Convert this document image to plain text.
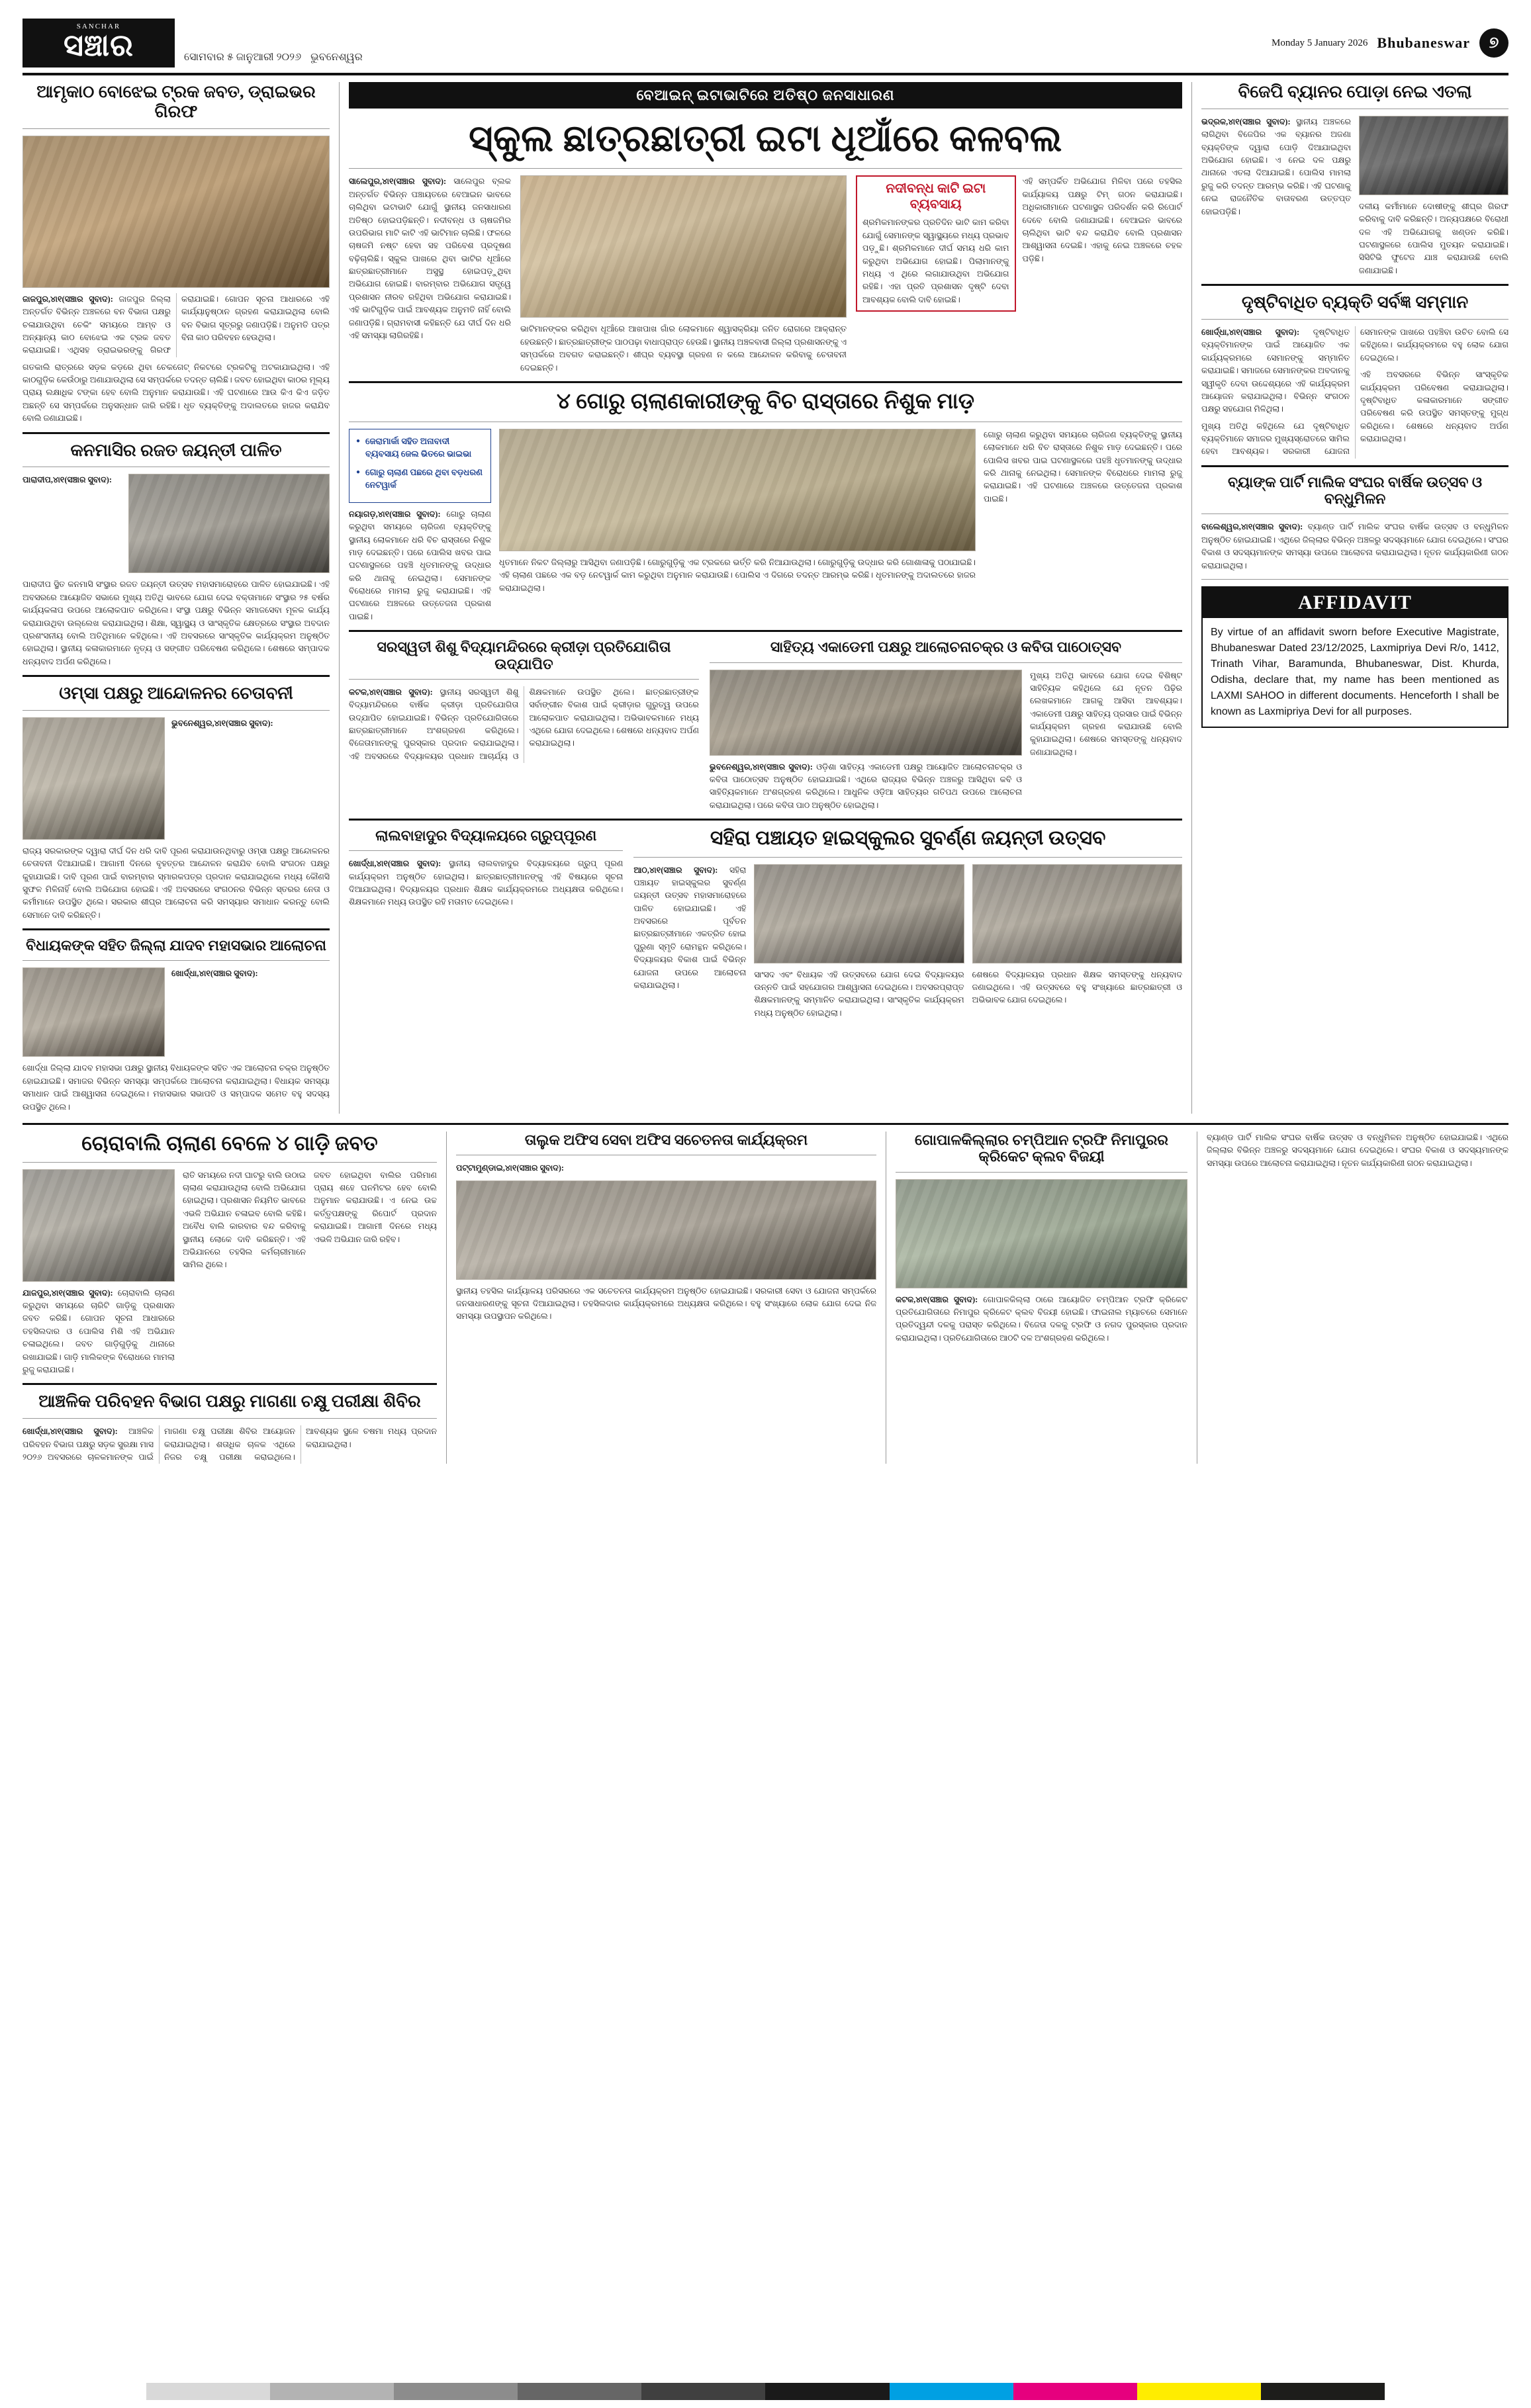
SANCHAR
ସଞ୍ଚାର	ସୋମବାର ୫ ଜାନୁଆରୀ ୨୦୨୬ ଭୁବନେଶ୍ୱର
Monday 5 January 2026 Bhubaneswar	୭
ଆମୃକାଠ ବୋଝେଇ ଟ୍ରକ ଜବତ, ଡ୍ରାଇଭର ଗିରଫ

ଜାଜପୁର,୪ା୧(ସଞ୍ଚାର ସୁବାଦ): ଜାଜପୁର ଜିଲ୍ଲା ଅନ୍ତର୍ଗତ ବିଭିନ୍ନ ଅଞ୍ଚଳରେ ବନ ବିଭାଗ ପକ୍ଷରୁ ଚଳାଯାଉଥିବା ଚେକିଂ ସମୟରେ ଆମ୍ବ ଓ ଅନ୍ୟାନ୍ୟ କାଠ ବୋଝେଇ ଏକ ଟ୍ରକ ଜବତ କରାଯାଇଛି। ଏଥିସହ ଡ୍ରାଇଭରଙ୍କୁ ଗିରଫ କରାଯାଇଛି। ଗୋପନ ସୂଚନା ଆଧାରରେ ଏହି କାର୍ଯ୍ୟାନୁଷ୍ଠାନ ଗ୍ରହଣ କରାଯାଇଥିଲା ବୋଲି ବନ ବିଭାଗ ସୂତ୍ରରୁ ଜଣାପଡ଼ିଛି। ଅନୁମତି ପତ୍ର ବିନା କାଠ ପରିବହନ ହେଉଥିଲା।

ଗତକାଲି ରାତ୍ରରେ ସଡ଼କ କଡ଼ରେ ଥିବା ଚେକଗେଟ୍ ନିକଟରେ ଟ୍ରକଟିକୁ ଅଟକାଯାଇଥିଲା। ଏହି କାଠଗୁଡ଼ିକ କେଉଁଠାରୁ ଅଣାଯାଉଥିଲା ସେ ସମ୍ପର୍କରେ ତଦନ୍ତ ଚାଲିଛି। ଜବତ ହୋଇଥିବା କାଠର ମୂଲ୍ୟ ପ୍ରାୟ ଲକ୍ଷାଧିକ ଟଙ୍କା ହେବ ବୋଲି ଅନୁମାନ କରାଯାଉଛି। ଏହି ଘଟଣାରେ ଆଉ କିଏ କିଏ ଜଡ଼ିତ ଅଛନ୍ତି ସେ ସମ୍ପର୍କରେ ଅନୁସନ୍ଧାନ ଜାରି ରହିଛି। ଧୃତ ବ୍ୟକ୍ତିଙ୍କୁ ଅଦାଲତରେ ହାଜର କରାଯିବ ବୋଲି ଜଣାଯାଇଛି।

କନମାସିର ରଜତ ଜୟନ୍ତୀ ପାଳିତ

ପାରାଦୀପ,୪ା୧(ସଞ୍ଚାର ସୁବାଦ):

ପାରାଦୀପ ସ୍ଥିତ କନମାସି ସଂସ୍ଥାର ରଜତ ଜୟନ୍ତୀ ଉତ୍ସବ ମହାସମାରୋହରେ ପାଳିତ ହୋଇଯାଇଛି। ଏହି ଅବସରରେ ଆୟୋଜିତ ସଭାରେ ମୁଖ୍ୟ ଅତିଥି ଭାବରେ ଯୋଗ ଦେଇ ବକ୍ତାମାନେ ସଂସ୍ଥାର ୨୫ ବର୍ଷର କାର୍ଯ୍ୟକଳାପ ଉପରେ ଆଲୋକପାତ କରିଥିଲେ। ସଂସ୍ଥା ପକ୍ଷରୁ ବିଭିନ୍ନ ସମାଜସେବା ମୂଳକ କାର୍ଯ୍ୟ କରାଯାଉଥିବା ଉଲ୍ଲେଖ କରାଯାଇଥିଲା। ଶିକ୍ଷା, ସ୍ୱାସ୍ଥ୍ୟ ଓ ସାଂସ୍କୃତିକ କ୍ଷେତ୍ରରେ ସଂସ୍ଥାର ଅବଦାନ ପ୍ରଶଂସନୀୟ ବୋଲି ଅତିଥିମାନେ କହିଥିଲେ। ଏହି ଅବସରରେ ସାଂସ୍କୃତିକ କାର୍ଯ୍ୟକ୍ରମ ଅନୁଷ୍ଠିତ ହୋଇଥିଲା। ସ୍ଥାନୀୟ କଳାକାରମାନେ ନୃତ୍ୟ ଓ ସଙ୍ଗୀତ ପରିବେଷଣ କରିଥିଲେ। ଶେଷରେ ସମ୍ପାଦକ ଧନ୍ୟବାଦ ଅର୍ପଣ କରିଥିଲେ।

ଓମ୍ସା ପକ୍ଷରୁ ଆନ୍ଦୋଳନର ଚେତାବନୀ

ଭୁବନେଶ୍ୱର,୪ା୧(ସଞ୍ଚାର ସୁବାଦ):

ରାଜ୍ୟ ସରକାରଙ୍କ ଦ୍ୱାରା ଦୀର୍ଘ ଦିନ ଧରି ଦାବି ପୂରଣ କରାଯାଉନଥିବାରୁ ଓମ୍ସା ପକ୍ଷରୁ ଆନ୍ଦୋଳନର ଚେତାବନୀ ଦିଆଯାଇଛି। ଆଗାମୀ ଦିନରେ ବୃହତ୍ତର ଆନ୍ଦୋଳନ କରାଯିବ ବୋଲି ସଂଗଠନ ପକ୍ଷରୁ କୁହାଯାଇଛି। ଦାବି ପୂରଣ ପାଇଁ ବାରମ୍ବାର ସ୍ମାରକପତ୍ର ପ୍ରଦାନ କରାଯାଇଥିଲେ ମଧ୍ୟ କୌଣସି ସୁଫଳ ମିଳିନାହିଁ ବୋଲି ଅଭିଯୋଗ ହୋଇଛି। ଏହି ଅବସରରେ ସଂଗଠନର ବିଭିନ୍ନ ସ୍ତରର ନେତା ଓ କର୍ମୀମାନେ ଉପସ୍ଥିତ ଥିଲେ। ସରକାର ଶୀଘ୍ର ଆଲୋଚନା କରି ସମସ୍ୟାର ସମାଧାନ କରନ୍ତୁ ବୋଲି ସେମାନେ ଦାବି କରିଛନ୍ତି।

ବିଧାୟକଙ୍କ ସହିତ ଜିଲ୍ଲା ଯାଦବ ମହାସଭାର ଆଲୋଚନା

ଖୋର୍ଦ୍ଧା,୪ା୧(ସଞ୍ଚାର ସୁବାଦ):

ଖୋର୍ଦ୍ଧା ଜିଲ୍ଲା ଯାଦବ ମହାସଭା ପକ୍ଷରୁ ସ୍ଥାନୀୟ ବିଧାୟକଙ୍କ ସହିତ ଏକ ଆଲୋଚନା ଚକ୍ର ଅନୁଷ୍ଠିତ ହୋଇଯାଇଛି। ସମାଜର ବିଭିନ୍ନ ସମସ୍ୟା ସମ୍ପର୍କରେ ଆଲୋଚନା କରାଯାଇଥିଲା। ବିଧାୟକ ସମସ୍ୟା ସମାଧାନ ପାଇଁ ଆଶ୍ୱାସନା ଦେଇଥିଲେ। ମହାସଭାର ସଭାପତି ଓ ସମ୍ପାଦକ ସମେତ ବହୁ ସଦସ୍ୟ ଉପସ୍ଥିତ ଥିଲେ।

ବେଆଇନ୍ ଇଟାଭାଟିରେ ଅତିଷ୍ଠ ଜନସାଧାରଣ
ସ୍କୁଲ ଛାତ୍ରଛାତ୍ରୀ ଇଟା ଧୂଆଁରେ କଳବଲ

ସାଲେପୁର,୪ା୧(ସଞ୍ଚାର ସୁବାଦ): ସାଲେପୁର ବ୍ଲକ ଅନ୍ତର୍ଗତ ବିଭିନ୍ନ ପଞ୍ଚାୟତରେ ବେଆଇନ ଭାବରେ ଚାଲିଥିବା ଇଟାଭାଟି ଯୋଗୁଁ ସ୍ଥାନୀୟ ଜନସାଧାରଣ ଅତିଷ୍ଠ ହୋଇପଡ଼ିଛନ୍ତି। ନଦୀବନ୍ଧ ଓ ଚାଷଜମିର ଉପରିଭାଗ ମାଟି କାଟି ଏହି ଭାଟିମାନ ଚାଲିଛି। ଫଳରେ ଚାଷଜମି ନଷ୍ଟ ହେବା ସହ ପରିବେଶ ପ୍ରଦୂଷଣ ବଢ଼ିଚାଲିଛି। ସ୍କୁଲ ପାଖରେ ଥିବା ଭାଟିର ଧୂଆଁରେ ଛାତ୍ରଛାତ୍ରୀମାନେ ଅସୁସ୍ଥ ହୋଇପଡ଼ୁଥିବା ଅଭିଯୋଗ ହୋଇଛି। ବାରମ୍ବାର ଅଭିଯୋଗ ସତ୍ତ୍ୱେ ପ୍ରଶାସନ ନୀରବ ରହିଥିବା ଅଭିଯୋଗ କରାଯାଇଛି। ଏହି ଭାଟିଗୁଡ଼ିକ ପାଇଁ ଆବଶ୍ୟକ ଅନୁମତି ନାହିଁ ବୋଲି ଜଣାପଡ଼ିଛି। ଗ୍ରାମବାସୀ କହିଛନ୍ତି ଯେ ଦୀର୍ଘ ଦିନ ଧରି ଏହି ସମସ୍ୟା ଲାଗିରହିଛି।

ଭାଟିମାନଙ୍କର କରିଥିବା ଧୂଆଁରେ ଆଖପାଖ ଗାଁର ଲୋକମାନେ ଶ୍ୱାସକ୍ରିୟା ଜନିତ ରୋଗରେ ଆକ୍ରାନ୍ତ ହେଉଛନ୍ତି। ଛାତ୍ରଛାତ୍ରୀଙ୍କ ପାଠପଢ଼ା ବାଧାପ୍ରାପ୍ତ ହେଉଛି। ସ୍ଥାନୀୟ ଅଞ୍ଚଳବାସୀ ଜିଲ୍ଲା ପ୍ରଶାସନଙ୍କୁ ଏ ସମ୍ପର୍କରେ ଅବଗତ କରାଇଛନ୍ତି। ଶୀଘ୍ର ବ୍ୟବସ୍ଥା ଗ୍ରହଣ ନ କଲେ ଆନ୍ଦୋଳନ କରିବାକୁ ଚେତାବନୀ ଦେଇଛନ୍ତି।

ନଦୀବନ୍ଧ କାଟି ଇଟା ବ୍ୟବସାୟ

ଶ୍ରମିକମାନଙ୍କର ପ୍ରତିଦିନ ଭାଟି କାମ କରିବା ଯୋଗୁଁ ସେମାନଙ୍କ ସ୍ୱାସ୍ଥ୍ୟରେ ମଧ୍ୟ ପ୍ରଭାବ ପଡ଼ୁଛି। ଶ୍ରମିକମାନେ ଦୀର୍ଘ ସମୟ ଧରି କାମ କରୁଥିବା ଅଭିଯୋଗ ହୋଇଛି। ପିଲାମାନଙ୍କୁ ମଧ୍ୟ ଏ ଥିରେ ଲଗାଯାଉଥିବା ଅଭିଯୋଗ ରହିଛି। ଏହା ପ୍ରତି ପ୍ରଶାସନ ଦୃଷ୍ଟି ଦେବା ଆବଶ୍ୟକ ବୋଲି ଦାବି ହୋଇଛି।

ଏହି ସମ୍ପର୍କିତ ଅଭିଯୋଗ ମିଳିବା ପରେ ତହସିଲ କାର୍ଯ୍ୟାଳୟ ପକ୍ଷରୁ ଟିମ୍ ଗଠନ କରାଯାଇଛି। ଅଧିକାରୀମାନେ ଘଟଣାସ୍ଥଳ ପରିଦର୍ଶନ କରି ରିପୋର୍ଟ ଦେବେ ବୋଲି ଜଣାଯାଇଛି। ବେଆଇନ ଭାବରେ ଚାଲିଥିବା ଭାଟି ବନ୍ଦ କରାଯିବ ବୋଲି ପ୍ରଶାସନ ଆଶ୍ୱାସନା ଦେଇଛି। ଏହାକୁ ନେଇ ଅଞ୍ଚଳରେ ଚହଳ ପଡ଼ିଛି।

୪ ଗୋରୁ ଚାଲାଣକାରୀଙ୍କୁ ବିଚ ରାସ୍ତାରେ ନିଶୁକ ମାଡ଼
● ଜେରାମାର୍କା ସହିତ ଅନାବାଦୀ ବ୍ୟବସାୟ ଜେଲ ଭିତରେ ଭାଇଭା
● ଗୋରୁ ଚାଲାଣ ପଛରେ ଥିବା ବଡ଼ଧରଣ ନେଟୱାର୍କ

ନୟାଗଡ଼,୪ା୧(ସଞ୍ଚାର ସୁବାଦ): ଗୋରୁ ଚାଲାଣ କରୁଥିବା ସମୟରେ ଚାରିଜଣ ବ୍ୟକ୍ତିଙ୍କୁ ସ୍ଥାନୀୟ ଲୋକମାନେ ଧରି ବିଚ ରାସ୍ତାରେ ନିଶୁକ ମାଡ଼ ଦେଇଛନ୍ତି। ପରେ ପୋଲିସ ଖବର ପାଇ ଘଟଣାସ୍ଥଳରେ ପହଞ୍ଚି ଧୃତମାନଙ୍କୁ ଉଦ୍ଧାର କରି ଥାନାକୁ ନେଇଥିଲା। ସେମାନଙ୍କ ବିରୋଧରେ ମାମଲା ରୁଜୁ କରାଯାଇଛି। ଏହି ଘଟଣାରେ ଅଞ୍ଚଳରେ ଉତ୍ତେଜନା ପ୍ରକାଶ ପାଇଛି।

ଧୃତମାନେ ନିକଟ ଜିଲ୍ଲାରୁ ଆସିଥିବା ଜଣାପଡ଼ିଛି। ଗୋରୁଗୁଡ଼ିକୁ ଏକ ଟ୍ରକରେ ଭର୍ତ୍ତି କରି ନିଆଯାଉଥିଲା। ଗୋରୁଗୁଡ଼ିକୁ ଉଦ୍ଧାର କରି ଗୋଶାଳାକୁ ପଠାଯାଇଛି। ଏହି ଚାଲାଣ ପଛରେ ଏକ ବଡ଼ ନେଟୱାର୍କ କାମ କରୁଥିବା ଅନୁମାନ କରାଯାଉଛି। ପୋଲିସ ଏ ଦିଗରେ ତଦନ୍ତ ଆରମ୍ଭ କରିଛି। ଧୃତମାନଙ୍କୁ ଅଦାଲତରେ ହାଜର କରାଯାଇଥିଲା।

ଗୋରୁ ଚାଲାଣ କରୁଥିବା ସମୟରେ ଚାରିଜଣ ବ୍ୟକ୍ତିଙ୍କୁ ସ୍ଥାନୀୟ ଲୋକମାନେ ଧରି ବିଚ ରାସ୍ତାରେ ନିଶୁକ ମାଡ଼ ଦେଇଛନ୍ତି। ପରେ ପୋଲିସ ଖବର ପାଇ ଘଟଣାସ୍ଥଳରେ ପହଞ୍ଚି ଧୃତମାନଙ୍କୁ ଉଦ୍ଧାର କରି ଥାନାକୁ ନେଇଥିଲା। ସେମାନଙ୍କ ବିରୋଧରେ ମାମଲା ରୁଜୁ କରାଯାଇଛି। ଏହି ଘଟଣାରେ ଅଞ୍ଚଳରେ ଉତ୍ତେଜନା ପ୍ରକାଶ ପାଇଛି।

ସରସ୍ୱତୀ ଶିଶୁ ବିଦ୍ୟାମନ୍ଦିରରେ କ୍ରୀଡ଼ା ପ୍ରତିଯୋଗିତା ଉଦ୍ଯାପିତ

କଟକ,୪ା୧(ସଞ୍ଚାର ସୁବାଦ): ସ୍ଥାନୀୟ ସରସ୍ୱତୀ ଶିଶୁ ବିଦ୍ୟାମନ୍ଦିରରେ ବାର୍ଷିକ କ୍ରୀଡ଼ା ପ୍ରତିଯୋଗିତା ଉଦ୍ଯାପିତ ହୋଇଯାଇଛି। ବିଭିନ୍ନ ପ୍ରତିଯୋଗିତାରେ ଛାତ୍ରଛାତ୍ରୀମାନେ ଅଂଶଗ୍ରହଣ କରିଥିଲେ। ବିଜେତାମାନଙ୍କୁ ପୁରସ୍କାର ପ୍ରଦାନ କରାଯାଇଥିଲା। ଏହି ଅବସରରେ ବିଦ୍ୟାଳୟର ପ୍ରଧାନ ଆଚାର୍ଯ୍ୟ ଓ ଶିକ୍ଷକମାନେ ଉପସ୍ଥିତ ଥିଲେ। ଛାତ୍ରଛାତ୍ରୀଙ୍କ ସର୍ବାଙ୍ଗୀନ ବିକାଶ ପାଇଁ କ୍ରୀଡ଼ାର ଗୁରୁତ୍ୱ ଉପରେ ଆଲୋକପାତ କରାଯାଇଥିଲା। ଅଭିଭାବକମାନେ ମଧ୍ୟ ଏଥିରେ ଯୋଗ ଦେଇଥିଲେ। ଶେଷରେ ଧନ୍ୟବାଦ ଅର୍ପଣ କରାଯାଇଥିଲା।

ସାହିତ୍ୟ ଏକାଡେମୀ ପକ୍ଷରୁ ଆଲୋଚନାଚକ୍ର ଓ କବିତା ପାଠୋତ୍ସବ

ଭୁବନେଶ୍ୱର,୪ା୧(ସଞ୍ଚାର ସୁବାଦ): ଓଡ଼ିଶା ସାହିତ୍ୟ ଏକାଡେମୀ ପକ୍ଷରୁ ଆୟୋଜିତ ଆଲୋଚନାଚକ୍ର ଓ କବିତା ପାଠୋତ୍ସବ ଅନୁଷ୍ଠିତ ହୋଇଯାଇଛି। ଏଥିରେ ରାଜ୍ୟର ବିଭିନ୍ନ ଅଞ୍ଚଳରୁ ଆସିଥିବା କବି ଓ ସାହିତ୍ୟିକମାନେ ଅଂଶଗ୍ରହଣ କରିଥିଲେ। ଆଧୁନିକ ଓଡ଼ିଆ ସାହିତ୍ୟର ଗତିପଥ ଉପରେ ଆଲୋଚନା କରାଯାଇଥିଲା। ପରେ କବିତା ପାଠ ଅନୁଷ୍ଠିତ ହୋଇଥିଲା।

ମୁଖ୍ୟ ଅତିଥି ଭାବରେ ଯୋଗ ଦେଇ ବିଶିଷ୍ଟ ସାହିତ୍ୟିକ କହିଥିଲେ ଯେ ନୂତନ ପିଢ଼ିର ଲେଖକମାନେ ଆଗକୁ ଆସିବା ଆବଶ୍ୟକ। ଏକାଡେମୀ ପକ୍ଷରୁ ସାହିତ୍ୟ ପ୍ରସାର ପାଇଁ ବିଭିନ୍ନ କାର୍ଯ୍ୟକ୍ରମ ଗ୍ରହଣ କରାଯାଉଛି ବୋଲି କୁହାଯାଇଥିଲା। ଶେଷରେ ସମସ୍ତଙ୍କୁ ଧନ୍ୟବାଦ ଜଣାଯାଇଥିଲା।

ଲାଲବାହାଦୁର ବିଦ୍ୟାଳୟରେ ଗ୍ରୁପ୍‌ପୂରଣ

ଖୋର୍ଦ୍ଧା,୪ା୧(ସଞ୍ଚାର ସୁବାଦ): ସ୍ଥାନୀୟ ଲାଲବାହାଦୁର ବିଦ୍ୟାଳୟରେ ଗ୍ରୁପ୍ ପୂରଣ କାର୍ଯ୍ୟକ୍ରମ ଅନୁଷ୍ଠିତ ହୋଇଥିଲା। ଛାତ୍ରଛାତ୍ରୀମାନଙ୍କୁ ଏହି ବିଷୟରେ ସୂଚନା ଦିଆଯାଇଥିଲା। ବିଦ୍ୟାଳୟର ପ୍ରଧାନ ଶିକ୍ଷକ କାର୍ଯ୍ୟକ୍ରମରେ ଅଧ୍ୟକ୍ଷତା କରିଥିଲେ। ଶିକ୍ଷକମାନେ ମଧ୍ୟ ଉପସ୍ଥିତ ରହି ମତାମତ ଦେଇଥିଲେ।

ସହିରା ପଞ୍ଚାୟତ ହାଇସ୍କୁଲର ସୁବର୍ଣ୍ଣ ଜୟନ୍ତୀ ଉତ୍ସବ

ଆଠ,୪ା୧(ସଞ୍ଚାର ସୁବାଦ): ସହିରା ପଞ୍ଚାୟତ ହାଇସ୍କୁଲର ସୁବର୍ଣ୍ଣ ଜୟନ୍ତୀ ଉତ୍ସବ ମହାସମାରୋହରେ ପାଳିତ ହୋଇଯାଇଛି। ଏହି ଅବସରରେ ପୂର୍ବତନ ଛାତ୍ରଛାତ୍ରୀମାନେ ଏକତ୍ରିତ ହୋଇ ପୁରୁଣା ସ୍ମୃତି ରୋମନ୍ଥନ କରିଥିଲେ। ବିଦ୍ୟାଳୟର ବିକାଶ ପାଇଁ ବିଭିନ୍ନ ଯୋଜନା ଉପରେ ଆଲୋଚନା କରାଯାଇଥିଲା।

ସାଂସଦ ଏବଂ ବିଧାୟକ ଏହି ଉତ୍ସବରେ ଯୋଗ ଦେଇ ବିଦ୍ୟାଳୟର ଉନ୍ନତି ପାଇଁ ସହଯୋଗର ଆଶ୍ୱାସନା ଦେଇଥିଲେ। ଅବସରପ୍ରାପ୍ତ ଶିକ୍ଷକମାନଙ୍କୁ ସମ୍ମାନିତ କରାଯାଇଥିଲା। ସାଂସ୍କୃତିକ କାର୍ଯ୍ୟକ୍ରମ ମଧ୍ୟ ଅନୁଷ୍ଠିତ ହୋଇଥିଲା।

ଶେଷରେ ବିଦ୍ୟାଳୟର ପ୍ରଧାନ ଶିକ୍ଷକ ସମସ୍ତଙ୍କୁ ଧନ୍ୟବାଦ ଜଣାଇଥିଲେ। ଏହି ଉତ୍ସବରେ ବହୁ ସଂଖ୍ୟାରେ ଛାତ୍ରଛାତ୍ରୀ ଓ ଅଭିଭାବକ ଯୋଗ ଦେଇଥିଲେ।

ବିଜେପି ବ୍ୟାନର ପୋଡ଼ା ନେଇ ଏତଲା

ଭଦ୍ରକ,୪ା୧(ସଞ୍ଚାର ସୁବାଦ): ସ୍ଥାନୀୟ ଅଞ୍ଚଳରେ ଲାଗିଥିବା ବିଜେପିର ଏକ ବ୍ୟାନର ଅଜଣା ବ୍ୟକ୍ତିଙ୍କ ଦ୍ୱାରା ପୋଡ଼ି ଦିଆଯାଇଥିବା ଅଭିଯୋଗ ହୋଇଛି। ଏ ନେଇ ଦଳ ପକ୍ଷରୁ ଥାନାରେ ଏତଲା ଦିଆଯାଇଛି। ପୋଲିସ ମାମଲା ରୁଜୁ କରି ତଦନ୍ତ ଆରମ୍ଭ କରିଛି। ଏହି ଘଟଣାକୁ ନେଇ ରାଜନୈତିକ ବାତାବରଣ ଉତ୍ତପ୍ତ ହୋଇପଡ଼ିଛି।

ଦଳୀୟ କର୍ମୀମାନେ ଦୋଷୀଙ୍କୁ ଶୀଘ୍ର ଗିରଫ କରିବାକୁ ଦାବି କରିଛନ୍ତି। ଅନ୍ୟପକ୍ଷରେ ବିରୋଧୀ ଦଳ ଏହି ଅଭିଯୋଗକୁ ଖଣ୍ଡନ କରିଛି। ଘଟଣାସ୍ଥଳରେ ପୋଲିସ ମୁତୟନ କରାଯାଇଛି। ସିସିଟିଭି ଫୁଟେଜ ଯାଞ୍ଚ କରାଯାଉଛି ବୋଲି ଜଣାଯାଇଛି।

ଦୃଷ୍ଟିବାଧିତ ବ୍ୟକ୍ତି ସର୍ବଜ୍ଞ ସମ୍ମାନ

ଖୋର୍ଦ୍ଧା,୪ା୧(ସଞ୍ଚାର ସୁବାଦ): ଦୃଷ୍ଟିବାଧିତ ବ୍ୟକ୍ତିମାନଙ୍କ ପାଇଁ ଆୟୋଜିତ ଏକ କାର୍ଯ୍ୟକ୍ରମରେ ସେମାନଙ୍କୁ ସମ୍ମାନିତ କରାଯାଇଛି। ସମାଜରେ ସେମାନଙ୍କର ଅବଦାନକୁ ସ୍ୱୀକୃତି ଦେବା ଉଦ୍ଦେଶ୍ୟରେ ଏହି କାର୍ଯ୍ୟକ୍ରମ ଆୟୋଜନ କରାଯାଇଥିଲା। ବିଭିନ୍ନ ସଂଗଠନ ପକ୍ଷରୁ ସହଯୋଗ ମିଳିଥିଲା।

ମୁଖ୍ୟ ଅତିଥି କହିଥିଲେ ଯେ ଦୃଷ୍ଟିବାଧିତ ବ୍ୟକ୍ତିମାନେ ସମାଜର ମୁଖ୍ୟସ୍ରୋତରେ ସାମିଲ ହେବା ଆବଶ୍ୟକ। ସରକାରୀ ଯୋଜନା ସେମାନଙ୍କ ପାଖରେ ପହଞ୍ଚିବା ଉଚିତ ବୋଲି ସେ କହିଥିଲେ। କାର୍ଯ୍ୟକ୍ରମରେ ବହୁ ଲୋକ ଯୋଗ ଦେଇଥିଲେ।

ଏହି ଅବସରରେ ବିଭିନ୍ନ ସାଂସ୍କୃତିକ କାର୍ଯ୍ୟକ୍ରମ ପରିବେଷଣ କରାଯାଇଥିଲା। ଦୃଷ୍ଟିବାଧିତ କଳାକାରମାନେ ସଙ୍ଗୀତ ପରିବେଷଣ କରି ଉପସ୍ଥିତ ସମସ୍ତଙ୍କୁ ମୁଗ୍ଧ କରିଥିଲେ। ଶେଷରେ ଧନ୍ୟବାଦ ଅର୍ପଣ କରାଯାଇଥିଲା।

ବ୍ୟାଙ୍କ ପାର୍ଟି ମାଲିକ ସଂଘର ବାର୍ଷିକ ଉତ୍ସବ ଓ ବନ୍ଧୁମିଳନ

ବାଲେଶ୍ୱର,୪ା୧(ସଞ୍ଚାର ସୁବାଦ): ବ୍ୟାଣ୍ଡ ପାର୍ଟି ମାଲିକ ସଂଘର ବାର୍ଷିକ ଉତ୍ସବ ଓ ବନ୍ଧୁମିଳନ ଅନୁଷ୍ଠିତ ହୋଇଯାଇଛି। ଏଥିରେ ଜିଲ୍ଲାର ବିଭିନ୍ନ ଅଞ୍ଚଳରୁ ସଦସ୍ୟମାନେ ଯୋଗ ଦେଇଥିଲେ। ସଂଘର ବିକାଶ ଓ ସଦସ୍ୟମାନଙ୍କ ସମସ୍ୟା ଉପରେ ଆଲୋଚନା କରାଯାଇଥିଲା। ନୂତନ କାର୍ଯ୍ୟକାରିଣୀ ଗଠନ କରାଯାଇଥିଲା।

AFFIDAVIT
By virtue of an affidavit sworn before Executive Magistrate, Bhubaneswar Dated 23/12/2025, Laxmipriya Devi R/o, 1412, Trinath Vihar, Baramunda, Bhubaneswar, Dist. Khurda, Odisha, declare that, my name has been mentioned as LAXMI SAHOO in different documents. Henceforth I shall be known as Laxmipriya Devi for all purposes.
ଚୋରାବାଲି ଚାଲାଣ ବେଳେ ୪ ଗାଡ଼ି ଜବତ

ଯାଜପୁର,୪ା୧(ସଞ୍ଚାର ସୁବାଦ): ଚୋରାବାଲି ଚାଲାଣ କରୁଥିବା ସମୟରେ ଚାରିଟି ଗାଡ଼ିକୁ ପ୍ରଶାସନ ଜବତ କରିଛି। ଗୋପନ ସୂଚନା ଆଧାରରେ ତହସିଲଦାର ଓ ପୋଲିସ ମିଶି ଏହି ଅଭିଯାନ ଚଳାଇଥିଲେ। ଜବତ ଗାଡ଼ିଗୁଡ଼ିକୁ ଥାନାରେ ରଖାଯାଇଛି। ଗାଡ଼ି ମାଲିକଙ୍କ ବିରୋଧରେ ମାମଲା ରୁଜୁ କରାଯାଇଛି।

ରାତି ସମୟରେ ନଦୀ ଘାଟରୁ ବାଲି ଉଠାଇ ଚାଲାଣ କରାଯାଉଥିଲା ବୋଲି ଅଭିଯୋଗ ହୋଇଥିଲା। ପ୍ରଶାସନ ନିୟମିତ ଭାବରେ ଏଭଳି ଅଭିଯାନ ଚଳାଇବ ବୋଲି କହିଛି। ଅବୈଧ ବାଲି କାରବାର ବନ୍ଦ କରିବାକୁ ସ୍ଥାନୀୟ ଲୋକେ ଦାବି କରିଛନ୍ତି। ଏହି ଅଭିଯାନରେ ତହସିଲ କର୍ମଚାରୀମାନେ ସାମିଲ ଥିଲେ।

ଜବତ ହୋଇଥିବା ବାଲିର ପରିମାଣ ପ୍ରାୟ ଶହେ ଘନମିଟର ହେବ ବୋଲି ଅନୁମାନ କରାଯାଉଛି। ଏ ନେଇ ଉଚ୍ଚ କର୍ତ୍ତୃପକ୍ଷଙ୍କୁ ରିପୋର୍ଟ ପ୍ରଦାନ କରାଯାଇଛି। ଆଗାମୀ ଦିନରେ ମଧ୍ୟ ଏଭଳି ଅଭିଯାନ ଜାରି ରହିବ।

ଆଞ୍ଚଳିକ ପରିବହନ ବିଭାଗ ପକ୍ଷରୁ ମାଗଣା ଚକ୍ଷୁ ପରୀକ୍ଷା ଶିବିର

ଖୋର୍ଦ୍ଧା,୪ା୧(ସଞ୍ଚାର ସୁବାଦ): ଆଞ୍ଚଳିକ ପରିବହନ ବିଭାଗ ପକ୍ଷରୁ ସଡ଼କ ସୁରକ୍ଷା ମାସ ୨୦୨୬ ଅବସରରେ ଚାଳକମାନଙ୍କ ପାଇଁ ମାଗଣା ଚକ୍ଷୁ ପରୀକ୍ଷା ଶିବିର ଆୟୋଜନ କରାଯାଇଥିଲା। ଶତାଧିକ ଚାଳକ ଏଥିରେ ନିଜର ଚକ୍ଷୁ ପରୀକ୍ଷା କରାଇଥିଲେ। ଆବଶ୍ୟକ ସ୍ଥଳେ ଚଷମା ମଧ୍ୟ ପ୍ରଦାନ କରାଯାଇଥିଲା।

ତାଲୁକ ଅଫିସ ସେବା ଅଫିସ ସଚେତନତା କାର୍ଯ୍ୟକ୍ରମ

ପଟ୍ଟାମୁଣ୍ଡାଇ,୪ା୧(ସଞ୍ଚାର ସୁବାଦ):

ସ୍ଥାନୀୟ ତହସିଲ କାର୍ଯ୍ୟାଳୟ ପରିସରରେ ଏକ ସଚେତନତା କାର୍ଯ୍ୟକ୍ରମ ଅନୁଷ୍ଠିତ ହୋଇଯାଇଛି। ସରକାରୀ ସେବା ଓ ଯୋଜନା ସମ୍ପର୍କରେ ଜନସାଧାରଣଙ୍କୁ ସୂଚନା ଦିଆଯାଇଥିଲା। ତହସିଲଦାର କାର୍ଯ୍ୟକ୍ରମରେ ଅଧ୍ୟକ୍ଷତା କରିଥିଲେ। ବହୁ ସଂଖ୍ୟାରେ ଲୋକ ଯୋଗ ଦେଇ ନିଜ ସମସ୍ୟା ଉପସ୍ଥାପନ କରିଥିଲେ।

ଗୋପାଳକିଲ୍ଲାର ଚମ୍ପିଆନ ଟ୍ରଫି ନିମାପୁରର କ୍ରିକେଟ କ୍ଲବ ବିଜୟୀ

କଟକ,୪ା୧(ସଞ୍ଚାର ସୁବାଦ): ଗୋପାଳକିଲ୍ଲା ଠାରେ ଆୟୋଜିତ ଚମ୍ପିଆନ ଟ୍ରଫି କ୍ରିକେଟ ପ୍ରତିଯୋଗିତାରେ ନିମାପୁର କ୍ରିକେଟ କ୍ଲବ ବିଜୟୀ ହୋଇଛି। ଫାଇନାଲ ମ୍ୟାଚରେ ସେମାନେ ପ୍ରତିଦ୍ୱନ୍ଦୀ ଦଳକୁ ପରାସ୍ତ କରିଥିଲେ। ବିଜେତା ଦଳକୁ ଟ୍ରଫି ଓ ନଗଦ ପୁରସ୍କାର ପ୍ରଦାନ କରାଯାଇଥିଲା। ପ୍ରତିଯୋଗିତାରେ ଆଠଟି ଦଳ ଅଂଶଗ୍ରହଣ କରିଥିଲେ।

ବ୍ୟାଣ୍ଡ ପାର୍ଟି ମାଲିକ ସଂଘର ବାର୍ଷିକ ଉତ୍ସବ ଓ ବନ୍ଧୁମିଳନ ଅନୁଷ୍ଠିତ ହୋଇଯାଇଛି। ଏଥିରେ ଜିଲ୍ଲାର ବିଭିନ୍ନ ଅଞ୍ଚଳରୁ ସଦସ୍ୟମାନେ ଯୋଗ ଦେଇଥିଲେ। ସଂଘର ବିକାଶ ଓ ସଦସ୍ୟମାନଙ୍କ ସମସ୍ୟା ଉପରେ ଆଲୋଚନା କରାଯାଇଥିଲା। ନୂତନ କାର୍ଯ୍ୟକାରିଣୀ ଗଠନ କରାଯାଇଥିଲା।
